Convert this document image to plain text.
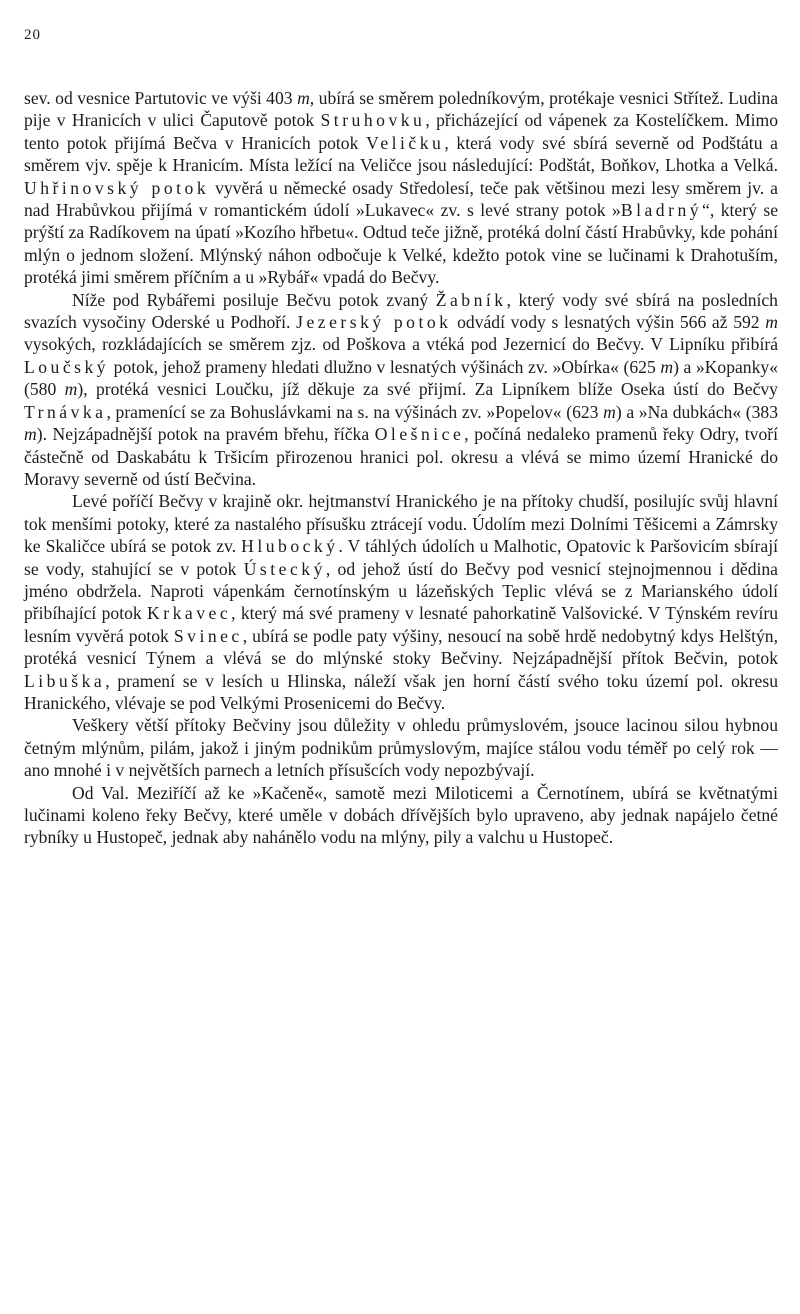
20

sev. od vesnice Partutovic ve výši 403 m, ubírá se směrem poledníkovým, protékaje vesnici Střítež. Ludina pije v Hranicích v ulici Čaputově potok Struhovku, přicházející od vápenek za Kostelíčkem. Mimo tento potok přijímá Bečva v Hranicích potok Veličku, která vody své sbírá severně od Podštátu a směrem vjv. spěje k Hranicím. Místa ležící na Veličce jsou následující: Podštát, Boňkov, Lhotka a Velká. Uhřinovský potok vyvěrá u německé osady Středolesí, teče pak většinou mezi lesy směrem jv. a nad Hrabůvkou přijímá v romantickém údolí »Lukavec« zv. s levé strany potok »Bladrný“, který se prýští za Radíkovem na úpatí »Kozího hřbetu«. Odtud teče jižně, protéká dolní částí Hrabůvky, kde pohání mlýn o jednom složení. Mlýnský náhon odbočuje k Velké, kdežto potok vine se lučinami k Drahotuším, protéká jimi směrem příčním a u »Rybář« vpadá do Bečvy.

Níže pod Rybářemi posiluje Bečvu potok zvaný Žabník, který vody své sbírá na posledních svazích vysočiny Oderské u Podhoří. Jezerský potok odvádí vody s lesnatých výšin 566 až 592 m vysokých, rozkládajících se směrem zjz. od Poškova a vtéká pod Jezernicí do Bečvy. V Lipníku přibírá Loučský potok, jehož prameny hledati dlužno v lesnatých výšinách zv. »Obírka« (625 m) a »Kopanky« (580 m), protéká vesnici Loučku, jíž děkuje za své přijmí. Za Lipníkem blíže Oseka ústí do Bečvy Trnávka, pramenící se za Bohuslávkami na s. na výšinách zv. »Popelov« (623 m) a »Na dubkách« (383 m). Nejzápadnější potok na pravém břehu, říčka Olešnice, počíná nedaleko pramenů řeky Odry, tvoří částečně od Daskabátu k Tršicím přirozenou hranici pol. okresu a vlévá se mimo území Hranické do Moravy severně od ústí Bečvina.

Levé poříčí Bečvy v krajině okr. hejtmanství Hranického je na přítoky chudší, posilujíc svůj hlavní tok menšími potoky, které za nastalého přísušku ztrácejí vodu. Údolím mezi Dolními Těšicemi a Zámrsky ke Skaličce ubírá se potok zv. Hlubocký. V táhlých údolích u Malhotic, Opatovic k Paršovicím sbírají se vody, stahující se v potok Ústecký, od jehož ústí do Bečvy pod vesnicí stejnojmennou i dědina jméno obdržela. Naproti vápenkám černotínským u lázeňských Teplic vlévá se z Marianského údolí přibíhající potok Krkavec, který má své prameny v lesnaté pahorkatině Valšovické. V Týnském revíru lesním vyvěrá potok Svinec, ubírá se podle paty výšiny, nesoucí na sobě hrdě nedobytný kdys Helštýn, protéká vesnicí Týnem a vlévá se do mlýnské stoky Bečviny. Nejzápadnější přítok Bečvin, potok Libuška, pramení se v lesích u Hlinska, náleží však jen horní částí svého toku území pol. okresu Hranického, vlévaje se pod Velkými Prosenicemi do Bečvy.

Veškery větší přítoky Bečviny jsou důležity v ohledu průmyslovém, jsouce lacinou silou hybnou četným mlýnům, pilám, jakož i jiným podnikům průmyslovým, majíce stálou vodu téměř po celý rok — ano mnohé i v největších parnech a letních přísušcích vody nepozbývají.

Od Val. Meziříčí až ke »Kačeně«, samotě mezi Miloticemi a Černotínem, ubírá se květnatými lučinami koleno řeky Bečvy, které uměle v dobách dřívějších bylo upraveno, aby jednak napájelo četné rybníky u Hustopeč, jednak aby nahánělo vodu na mlýny, pily a valchu u Hustopeč.
